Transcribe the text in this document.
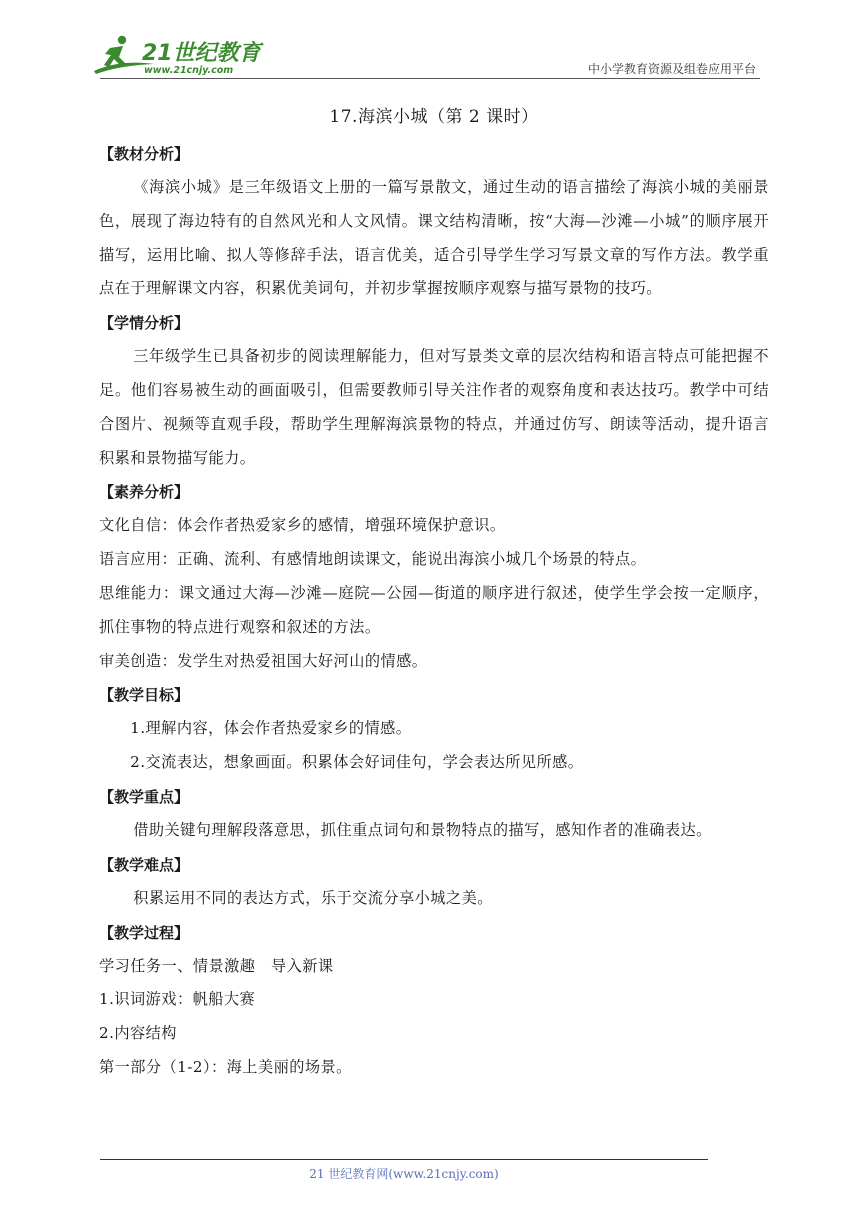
21世纪教育
www.21cnjy.com	中小学教育资源及组卷应用平台
17.海滨小城（第 2 课时）
【教材分析】

《海滨小城》是三年级语文上册的一篇写景散文，通过生动的语言描绘了海滨小城的美丽景色，展现了海边特有的自然风光和人文风情。课文结构清晰，按“大海—沙滩—小城”的顺序展开描写，运用比喻、拟人等修辞手法，语言优美，适合引导学生学习写景文章的写作方法。教学重点在于理解课文内容，积累优美词句，并初步掌握按顺序观察与描写景物的技巧。

【学情分析】

三年级学生已具备初步的阅读理解能力，但对写景类文章的层次结构和语言特点可能把握不足。他们容易被生动的画面吸引，但需要教师引导关注作者的观察角度和表达技巧。教学中可结合图片、视频等直观手段，帮助学生理解海滨景物的特点，并通过仿写、朗读等活动，提升语言积累和景物描写能力。

【素养分析】

文化自信：体会作者热爱家乡的感情，增强环境保护意识。

语言应用：正确、流利、有感情地朗读课文，能说出海滨小城几个场景的特点。

思维能力：课文通过大海—沙滩—庭院—公园—街道的顺序进行叙述，使学生学会按一定顺序，抓住事物的特点进行观察和叙述的方法。

审美创造：发学生对热爱祖国大好河山的情感。

【教学目标】

1.理解内容，体会作者热爱家乡的情感。

2.交流表达，想象画面。积累体会好词佳句，学会表达所见所感。

【教学重点】

借助关键句理解段落意思，抓住重点词句和景物特点的描写，感知作者的准确表达。

【教学难点】

积累运用不同的表达方式，乐于交流分享小城之美。

【教学过程】

学习任务一、情景激趣　导入新课

1.识词游戏：帆船大赛

2.内容结构

第一部分（1-2）：海上美丽的场景。

21 世纪教育网(www.21cnjy.com)
